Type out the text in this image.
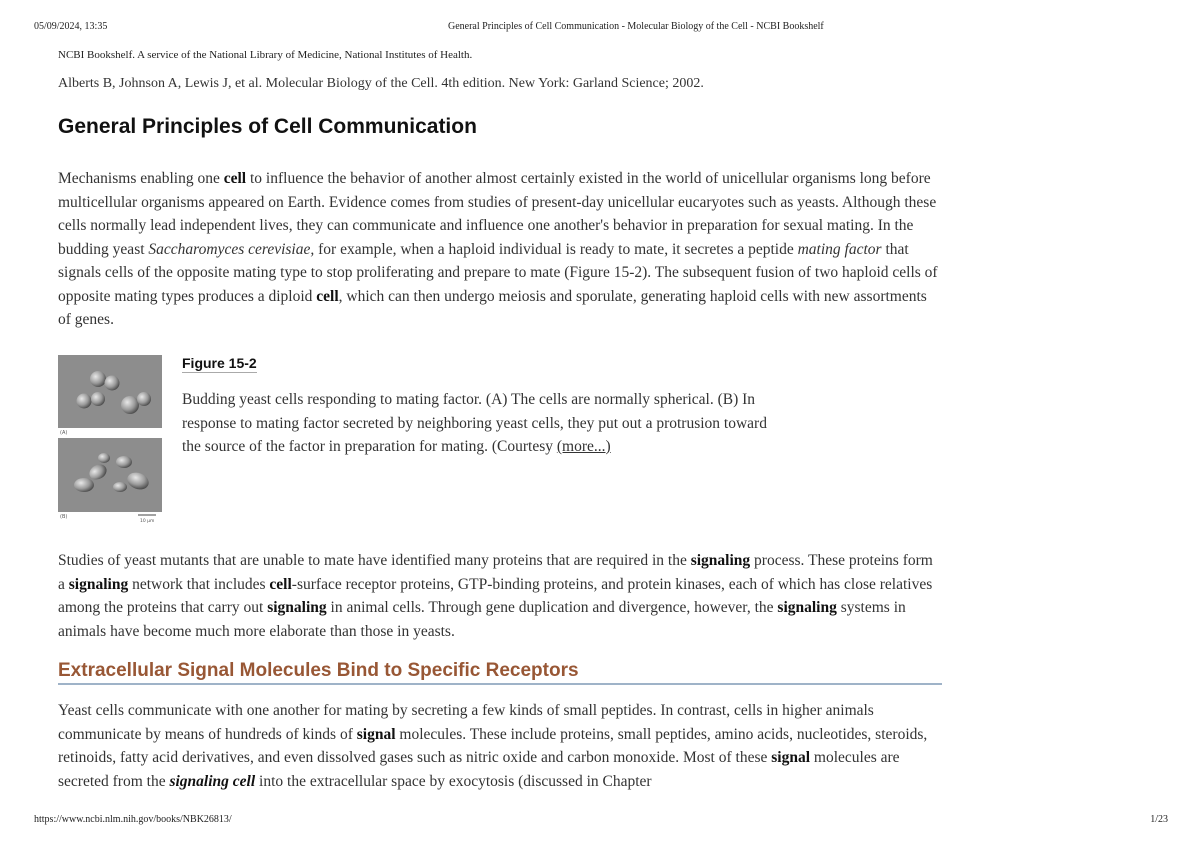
05/09/2024, 13:35	General Principles of Cell Communication - Molecular Biology of the Cell - NCBI Bookshelf
https://www.ncbi.nlm.nih.gov/books/NBK26813/	1/23
NCBI Bookshelf. A service of the National Library of Medicine, National Institutes of Health.
Alberts B, Johnson A, Lewis J, et al. Molecular Biology of the Cell. 4th edition. New York: Garland Science; 2002.
General Principles of Cell Communication

Mechanisms enabling one cell to influence the behavior of another almost certainly existed in the world of unicellular organisms long before multicellular organisms appeared on Earth. Evidence comes from studies of present-day unicellular eucaryotes such as yeasts. Although these cells normally lead independent lives, they can communicate and influence one another's behavior in preparation for sexual mating. In the budding yeast Saccharomyces cerevisiae, for example, when a haploid individual is ready to mate, it secretes a peptide mating factor that signals cells of the opposite mating type to stop proliferating and prepare to mate (Figure 15-2). The subsequent fusion of two haploid cells of opposite mating types produces a diploid cell, which can then undergo meiosis and sporulate, generating haploid cells with new assortments of genes.

(A)
(B)
10 μm
Figure 15-2

Budding yeast cells responding to mating factor. (A) The cells are normally spherical. (B) In response to mating factor secreted by neighboring yeast cells, they put out a protrusion toward the source of the factor in preparation for mating. (Courtesy (more...)

Studies of yeast mutants that are unable to mate have identified many proteins that are required in the signaling process. These proteins form a signaling network that includes cell-surface receptor proteins, GTP-binding proteins, and protein kinases, each of which has close relatives among the proteins that carry out signaling in animal cells. Through gene duplication and divergence, however, the signaling systems in animals have become much more elaborate than those in yeasts.

Extracellular Signal Molecules Bind to Specific Receptors

Yeast cells communicate with one another for mating by secreting a few kinds of small peptides. In contrast, cells in higher animals communicate by means of hundreds of kinds of signal molecules. These include proteins, small peptides, amino acids, nucleotides, steroids, retinoids, fatty acid derivatives, and even dissolved gases such as nitric oxide and carbon monoxide. Most of these signal molecules are secreted from the signaling cell into the extracellular space by exocytosis (discussed in Chapter
